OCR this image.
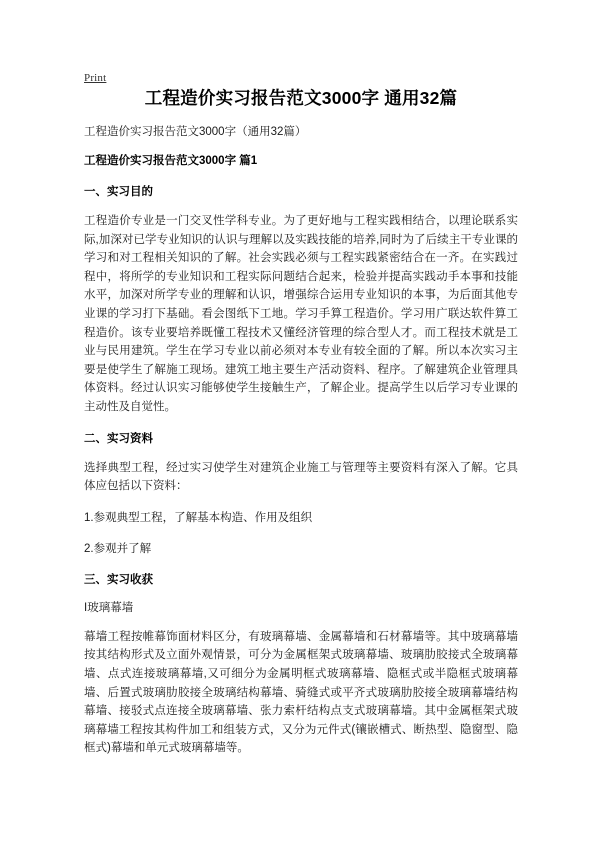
Print
工程造价实习报告范文3000字 通用32篇

工程造价实习报告范文3000字（通用32篇）

工程造价实习报告范文3000字 篇1

一、实习目的

工程造价专业是一门交叉性学科专业。为了更好地与工程实践相结合，以理论联系实际,加深对已学专业知识的认识与理解以及实践技能的培养,同时为了后续主干专业课的学习和对工程相关知识的了解。社会实践必须与工程实践紧密结合在一齐。在实践过程中，将所学的专业知识和工程实际问题结合起来，检验并提高实践动手本事和技能水平，加深对所学专业的理解和认识，增强综合运用专业知识的本事，为后面其他专业课的学习打下基础。看会图纸下工地。学习手算工程造价。学习用广联达软件算工程造价。该专业要培养既懂工程技术又懂经济管理的综合型人才。而工程技术就是工业与民用建筑。学生在学习专业以前必须对本专业有较全面的了解。所以本次实习主要是使学生了解施工现场。建筑工地主要生产活动资料、程序。了解建筑企业管理具体资料。经过认识实习能够使学生接触生产，了解企业。提高学生以后学习专业课的主动性及自觉性。

二、实习资料

选择典型工程，经过实习使学生对建筑企业施工与管理等主要资料有深入了解。它具体应包括以下资料：

1.参观典型工程，了解基本构造、作用及组织

2.参观并了解

三、实习收获

I玻璃幕墙

幕墙工程按帷幕饰面材料区分，有玻璃幕墙、金属幕墙和石材幕墙等。其中玻璃幕墙按其结构形式及立面外观情景，可分为金属框架式玻璃幕墙、玻璃肋胶接式全玻璃幕墙、点式连接玻璃幕墙,又可细分为金属明框式玻璃幕墙、隐框式或半隐框式玻璃幕墙、后置式玻璃肋胶接全玻璃结构幕墙、骑缝式或平齐式玻璃肋胶接全玻璃幕墙结构幕墙、接驳式点连接全玻璃幕墙、张力索杆结构点支式玻璃幕墙。其中金属框架式玻璃幕墙工程按其构件加工和组装方式，又分为元件式(镶嵌槽式、断热型、隐窗型、隐框式)幕墙和单元式玻璃幕墙等。
